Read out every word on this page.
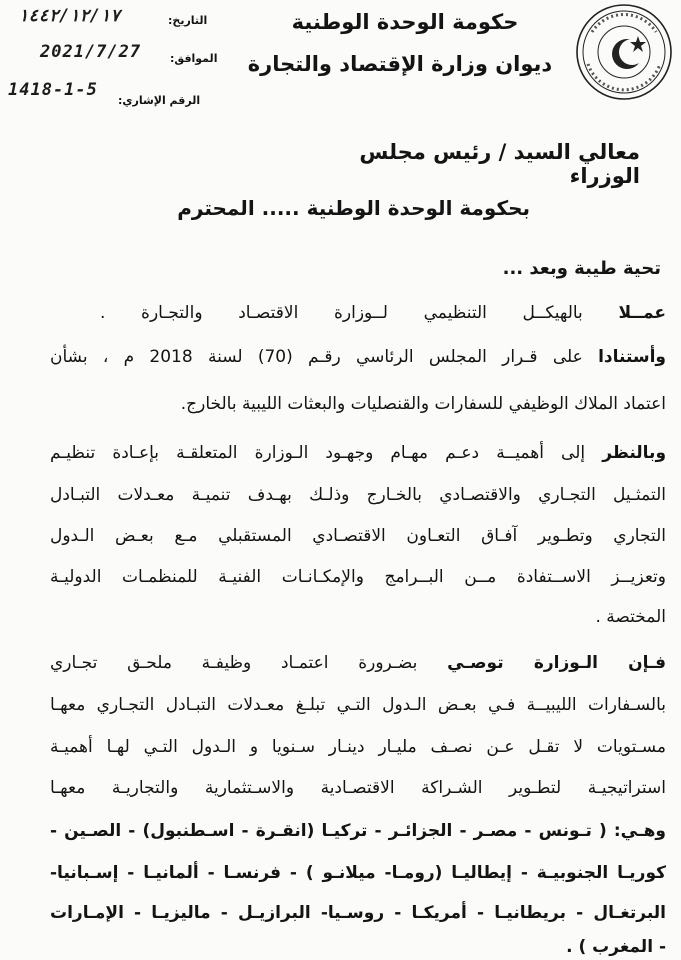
حكومة الوحدة الوطنية
ديوان وزارة الإقتصاد والتجارة
التاريخ:
١٤٤٢/١٢/١٧
الموافق:
2021/7/27
الرقم الإشاري:
1418-1-5
معالي السيد / رئيس مجلس الوزراء
بحكومة الوحدة الوطنية ..... المحترم
تحية طيبة وبعد ...
عمــلا بالهيكــل التنظيمي لــوزارة الاقتصـاد والتجـارة .
وأستنادا على قـرار المجلس الرئاسي رقـم (70) لسنة 2018 م ، بشأن
اعتماد الملاك الوظيفي للسفارات والقنصليات والبعثات الليبية بالخارج.
وبالنظر إلى أهميــة دعـم مهـام وجهـود الـوزارة المتعلقـة بإعـادة تنظيـم
التمثـيل التجـاري والاقتصـادي بالخـارج وذلـك بهـدف تنميـة معـدلات التبـادل
التجاري وتطـوير آفـاق التعـاون الاقتصـادي المستقبلي مـع بعـض الـدول
وتعزيــز الاســتفادة مــن البــرامج والإمكـانـات الفنيـة للمنظمـات الدوليـة
المختصة .
فـإن الـوزارة توصـي بضـرورة اعتمـاد وظيفـة ملحـق تجـاري
بالسـفارات الليبيــة فـي بعـض الـدول التـي تبلـغ معـدلات التبـادل التجـاري معهـا
مسـتويات لا تقـل عـن نصـف مليـار دينـار سـنويا و الـدول التـي لهـا أهميـة
استراتيجيـة لتطـوير الشـراكة الاقتصـادية والاسـتثمارية والتجاريـة معهـا
وهـي: ( تـونس - مصـر - الجزائـر - تركيـا (انقـرة - اسـطنبول) - الصـين -
كوريـا الجنوبيـة - إيطاليـا (رومـا- ميلانـو ) - فرنسـا - ألمانيـا - إسـبانيا-
البرتغـال - بريطانيـا - أمريكـا - روسـيا- البرازيـل - ماليزيـا - الإمـارات
- المغرب ) .
